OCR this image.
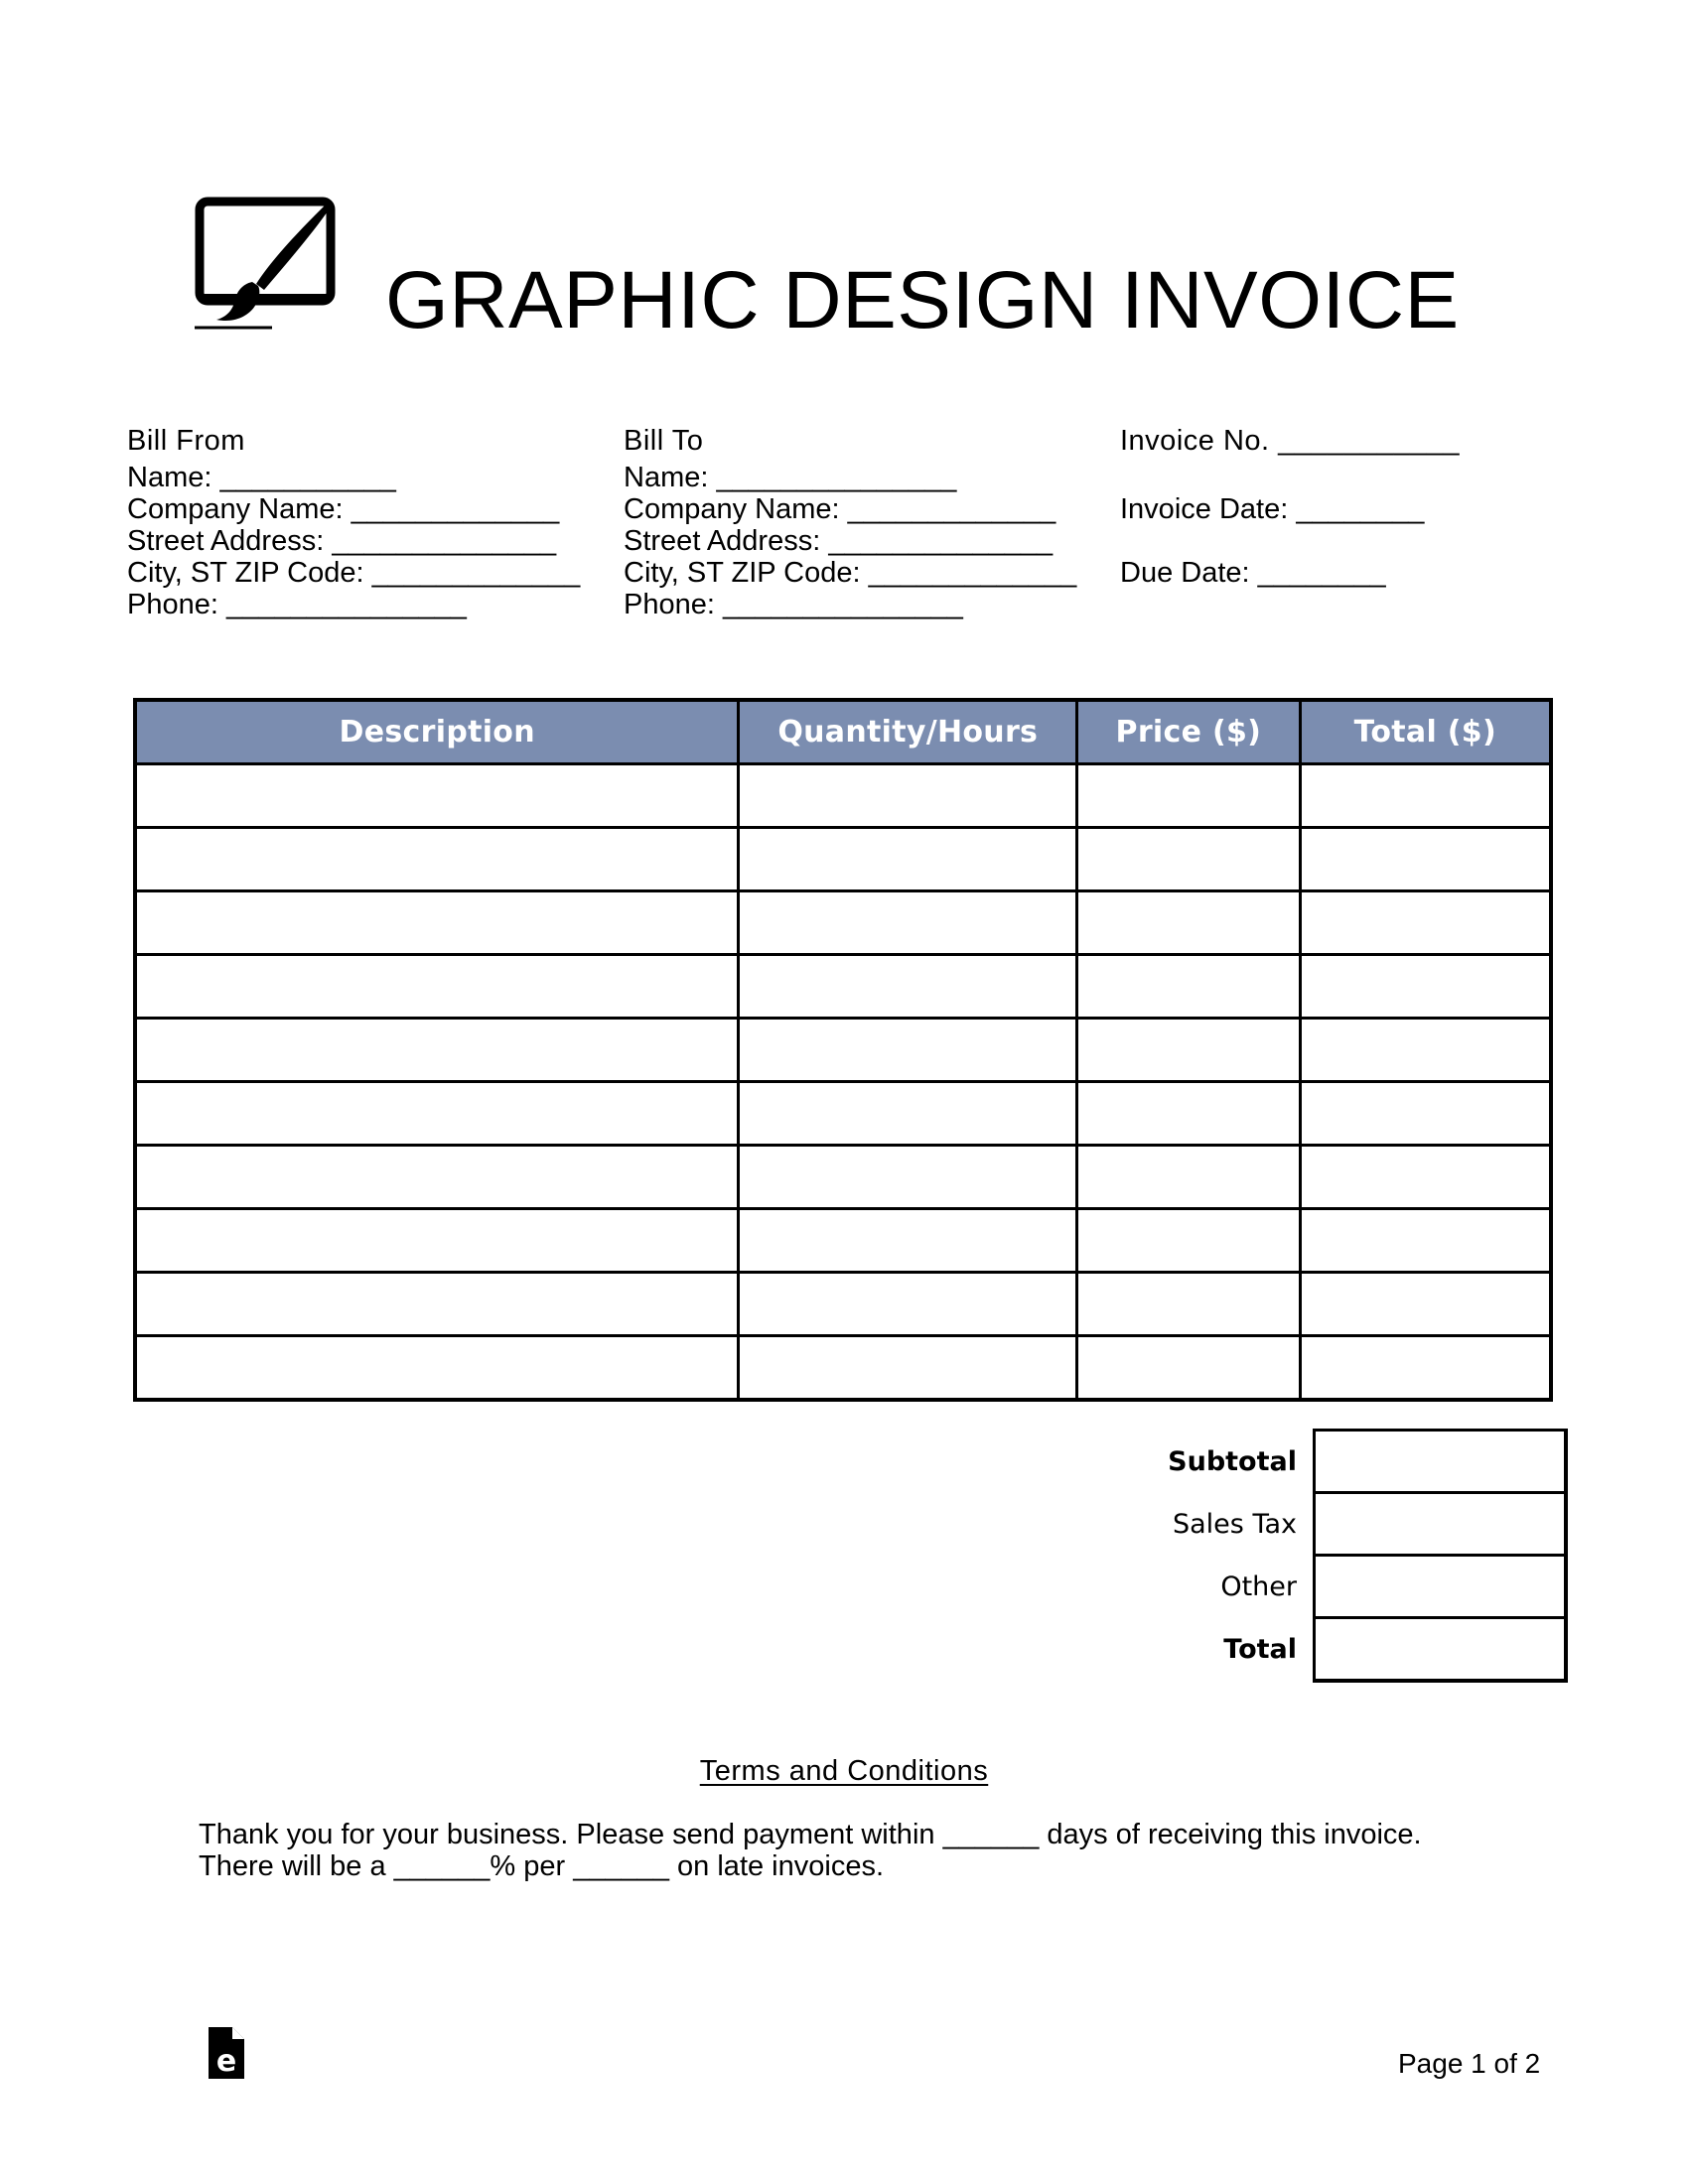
GRAPHIC DESIGN INVOICE
Bill From
Name: ___________
Company Name: _____________
Street Address: ______________
City, ST ZIP Code: _____________
Phone: _______________
Bill To
Name: _______________
Company Name: _____________
Street Address: ______________
City, ST ZIP Code: _____________
Phone: _______________
Invoice No. ___________
Invoice Date: ________
Due Date: ________
Description	Quantity/Hours	Price ($)	Total ($)

Subtotal	
Sales Tax	
Other	
Total	
Terms and Conditions
Thank you for your business. Please send payment within ______ days of receiving this invoice. There will be a ______% per ______ on late invoices.
e	Page 1 of 2
